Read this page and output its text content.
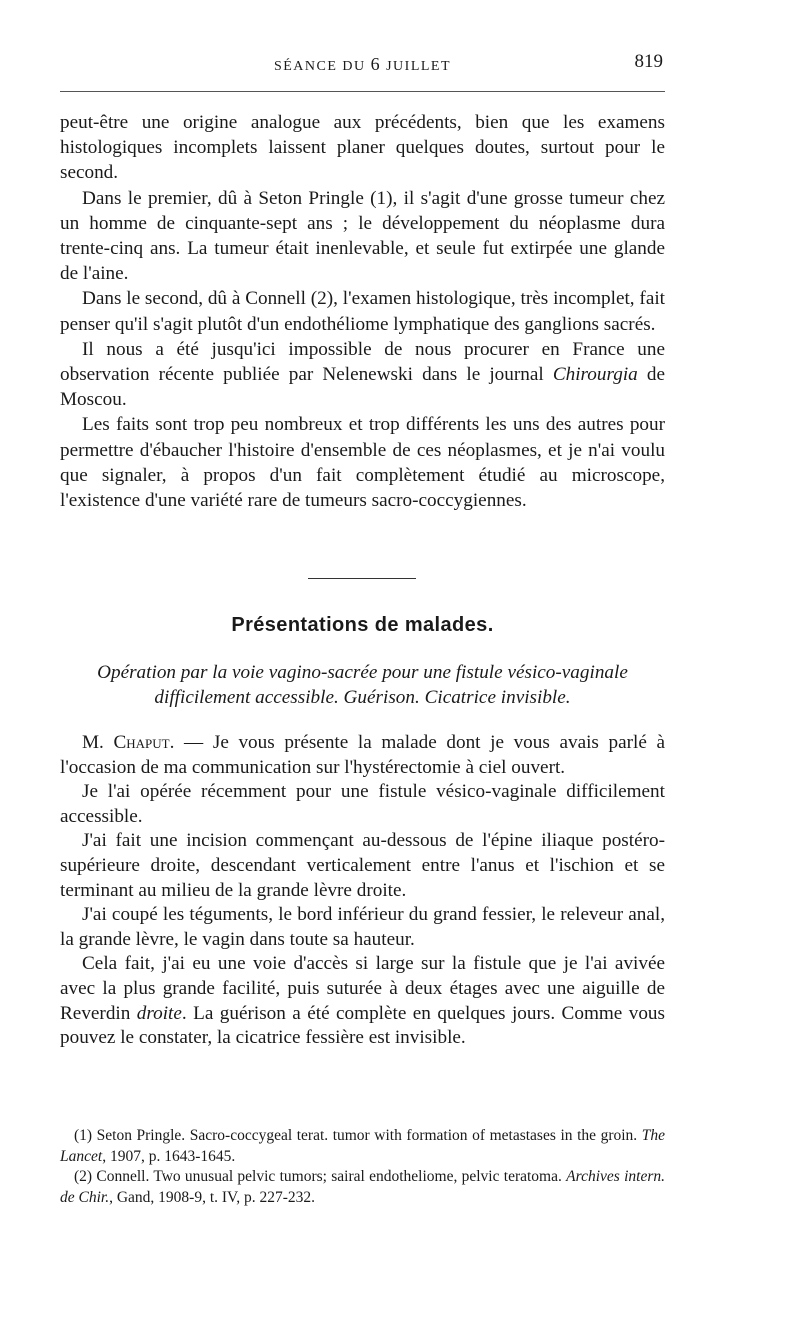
SÉANCE DU 6 JUILLET	819

peut-être une origine analogue aux précédents, bien que les examens histologiques incomplets laissent planer quelques doutes, surtout pour le second.

Dans le premier, dû à Seton Pringle (1), il s'agit d'une grosse tumeur chez un homme de cinquante-sept ans ; le développement du néoplasme dura trente-cinq ans. La tumeur était inenlevable, et seule fut extirpée une glande de l'aine.

Dans le second, dû à Connell (2), l'examen histologique, très incomplet, fait penser qu'il s'agit plutôt d'un endothéliome lymphatique des ganglions sacrés.

Il nous a été jusqu'ici impossible de nous procurer en France une observation récente publiée par Nelenewski dans le journal Chirourgia de Moscou.

Les faits sont trop peu nombreux et trop différents les uns des autres pour permettre d'ébaucher l'histoire d'ensemble de ces néoplasmes, et je n'ai voulu que signaler, à propos d'un fait complètement étudié au microscope, l'existence d'une variété rare de tumeurs sacro-coccygiennes.

Présentations de malades.
Opération par la voie vagino-sacrée pour une fistule vésico-vaginale
difficilement accessible. Guérison. Cicatrice invisible.

M. Chaput. — Je vous présente la malade dont je vous avais parlé à l'occasion de ma communication sur l'hystérectomie à ciel ouvert.

Je l'ai opérée récemment pour une fistule vésico-vaginale difficilement accessible.

J'ai fait une incision commençant au-dessous de l'épine iliaque postéro-supérieure droite, descendant verticalement entre l'anus et l'ischion et se terminant au milieu de la grande lèvre droite.

J'ai coupé les téguments, le bord inférieur du grand fessier, le releveur anal, la grande lèvre, le vagin dans toute sa hauteur.

Cela fait, j'ai eu une voie d'accès si large sur la fistule que je l'ai avivée avec la plus grande facilité, puis suturée à deux étages avec une aiguille de Reverdin droite. La guérison a été complète en quelques jours. Comme vous pouvez le constater, la cicatrice fessière est invisible.

(1) Seton Pringle. Sacro-coccygeal terat. tumor with formation of metastases in the groin. The Lancet, 1907, p. 1643-1645.

(2) Connell. Two unusual pelvic tumors; sairal endotheliome, pelvic teratoma. Archives intern. de Chir., Gand, 1908-9, t. IV, p. 227-232.
